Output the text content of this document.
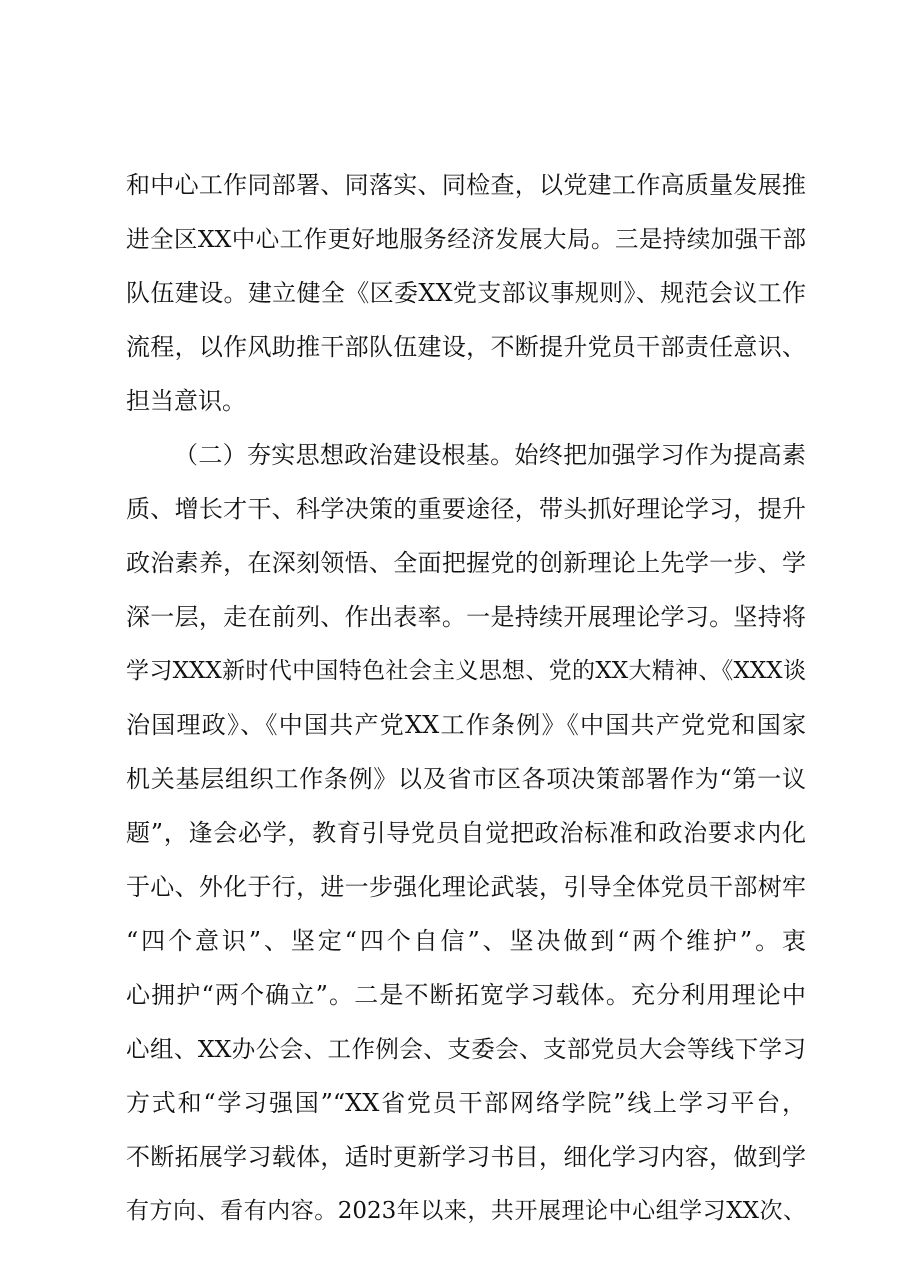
和中心工作同部署、同落实、同检查，以党建工作高质量发展推
进全区XX中心工作更好地服务经济发展大局。三是持续加强干部
队伍建设。建立健全《区委XX党支部议事规则》、规范会议工作
流程，以作风助推干部队伍建设，不断提升党员干部责任意识、
担当意识。
（二）夯实思想政治建设根基。始终把加强学习作为提高素
质、增长才干、科学决策的重要途径，带头抓好理论学习，提升
政治素养，在深刻领悟、全面把握党的创新理论上先学一步、学
深一层，走在前列、作出表率。一是持续开展理论学习。坚持将
学习XXX新时代中国特色社会主义思想、党的XX大精神、《XXX谈
治国理政》、《中国共产党XX工作条例》《中国共产党党和国家
机关基层组织工作条例》以及省市区各项决策部署作为“第一议
题”，逢会必学，教育引导党员自觉把政治标准和政治要求内化
于心、外化于行，进一步强化理论武装，引导全体党员干部树牢
“四个意识”、坚定“四个自信”、坚决做到“两个维护”。衷
心拥护“两个确立”。二是不断拓宽学习载体。充分利用理论中
心组、XX办公会、工作例会、支委会、支部党员大会等线下学习
方式和“学习强国”“XX省党员干部网络学院”线上学习平台，
不断拓展学习载体，适时更新学习书目，细化学习内容，做到学
有方向、看有内容。2023年以来，共开展理论中心组学习XX次、
